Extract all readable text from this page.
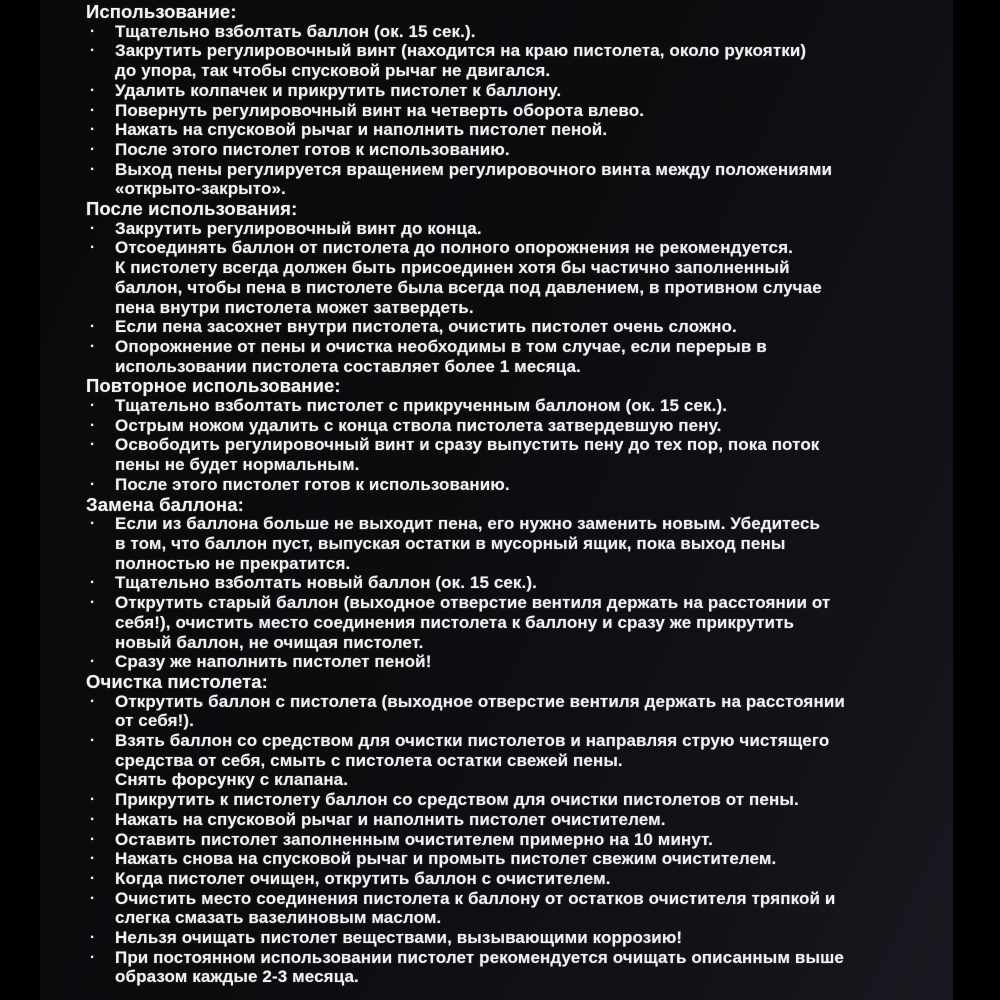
Использование:
· Тщательно взболтать баллон (ок. 15 сек.).
· Закрутить регулировочный винт (находится на краю пистолета, около рукоятки)
до упора, так чтобы спусковой рычаг не двигался.
· Удалить колпачек и прикрутить пистолет к баллону.
· Повернуть регулировочный винт на четверть оборота влево.
· Нажать на спусковой рычаг и наполнить пистолет пеной.
· После этого пистолет готов к использованию.
· Выход пены регулируется вращением регулировочного винта между положениями
«открыто-закрыто».
После использования:
· Закрутить регулировочный винт до конца.
· Отсоединять баллон от пистолета до полного опорожнения не рекомендуется.
К пистолету всегда должен быть присоединен хотя бы частично заполненный
баллон, чтобы пена в пистолете была всегда под давлением, в противном случае
пена внутри пистолета может затвердеть.
· Если пена засохнет внутри пистолета, очистить пистолет очень сложно.
· Опорожнение от пены и очистка необходимы в том случае, если перерыв в
использовании пистолета составляет более 1 месяца.
Повторное использование:
· Тщательно взболтать пистолет с прикрученным баллоном (ок. 15 сек.).
· Острым ножом удалить с конца ствола пистолета затвердевшую пену.
· Освободить регулировочный винт и сразу выпустить пену до тех пор, пока поток
пены не будет нормальным.
· После этого пистолет готов к использованию.
Замена баллона:
· Если из баллона больше не выходит пена, его нужно заменить новым. Убедитесь
в том, что баллон пуст, выпуская остатки в мусорный ящик, пока выход пены
полностью не прекратится.
· Тщательно взболтать новый баллон (ок. 15 сек.).
· Открутить старый баллон (выходное отверстие вентиля держать на расстоянии от
себя!), очистить место соединения пистолета к баллону и сразу же прикрутить
новый баллон, не очищая пистолет.
· Сразу же наполнить пистолет пеной!
Очистка пистолета:
· Открутить баллон с пистолета (выходное отверстие вентиля держать на расстоянии
от себя!).
· Взять баллон со средством для очистки пистолетов и направляя струю чистящего
средства от себя, смыть с пистолета остатки свежей пены.
Снять форсунку с клапана.
· Прикрутить к пистолету баллон со средством для очистки пистолетов от пены.
· Нажать на спусковой рычаг и наполнить пистолет очистителем.
· Оставить пистолет заполненным очистителем примерно на 10 минут.
· Нажать снова на спусковой рычаг и промыть пистолет свежим очистителем.
· Когда пистолет очищен, открутить баллон с очистителем.
· Очистить место соединения пистолета к баллону от остатков очистителя тряпкой и
слегка смазать вазелиновым маслом.
· Нельзя очищать пистолет веществами, вызывающими коррозию!
· При постоянном использовании пистолет рекомендуется очищать описанным выше
образом каждые 2-3 месяца.
